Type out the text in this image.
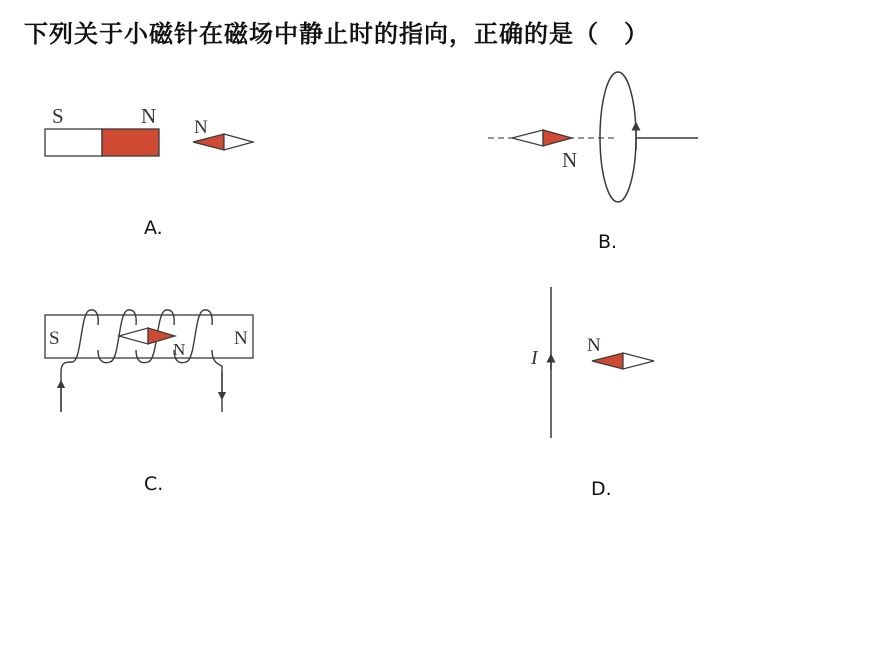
下列关于小磁针在磁场中静止时的指向，正确的是（　）
S	N N
A.
N
B.
S	N
N
C.
I
N
D.
